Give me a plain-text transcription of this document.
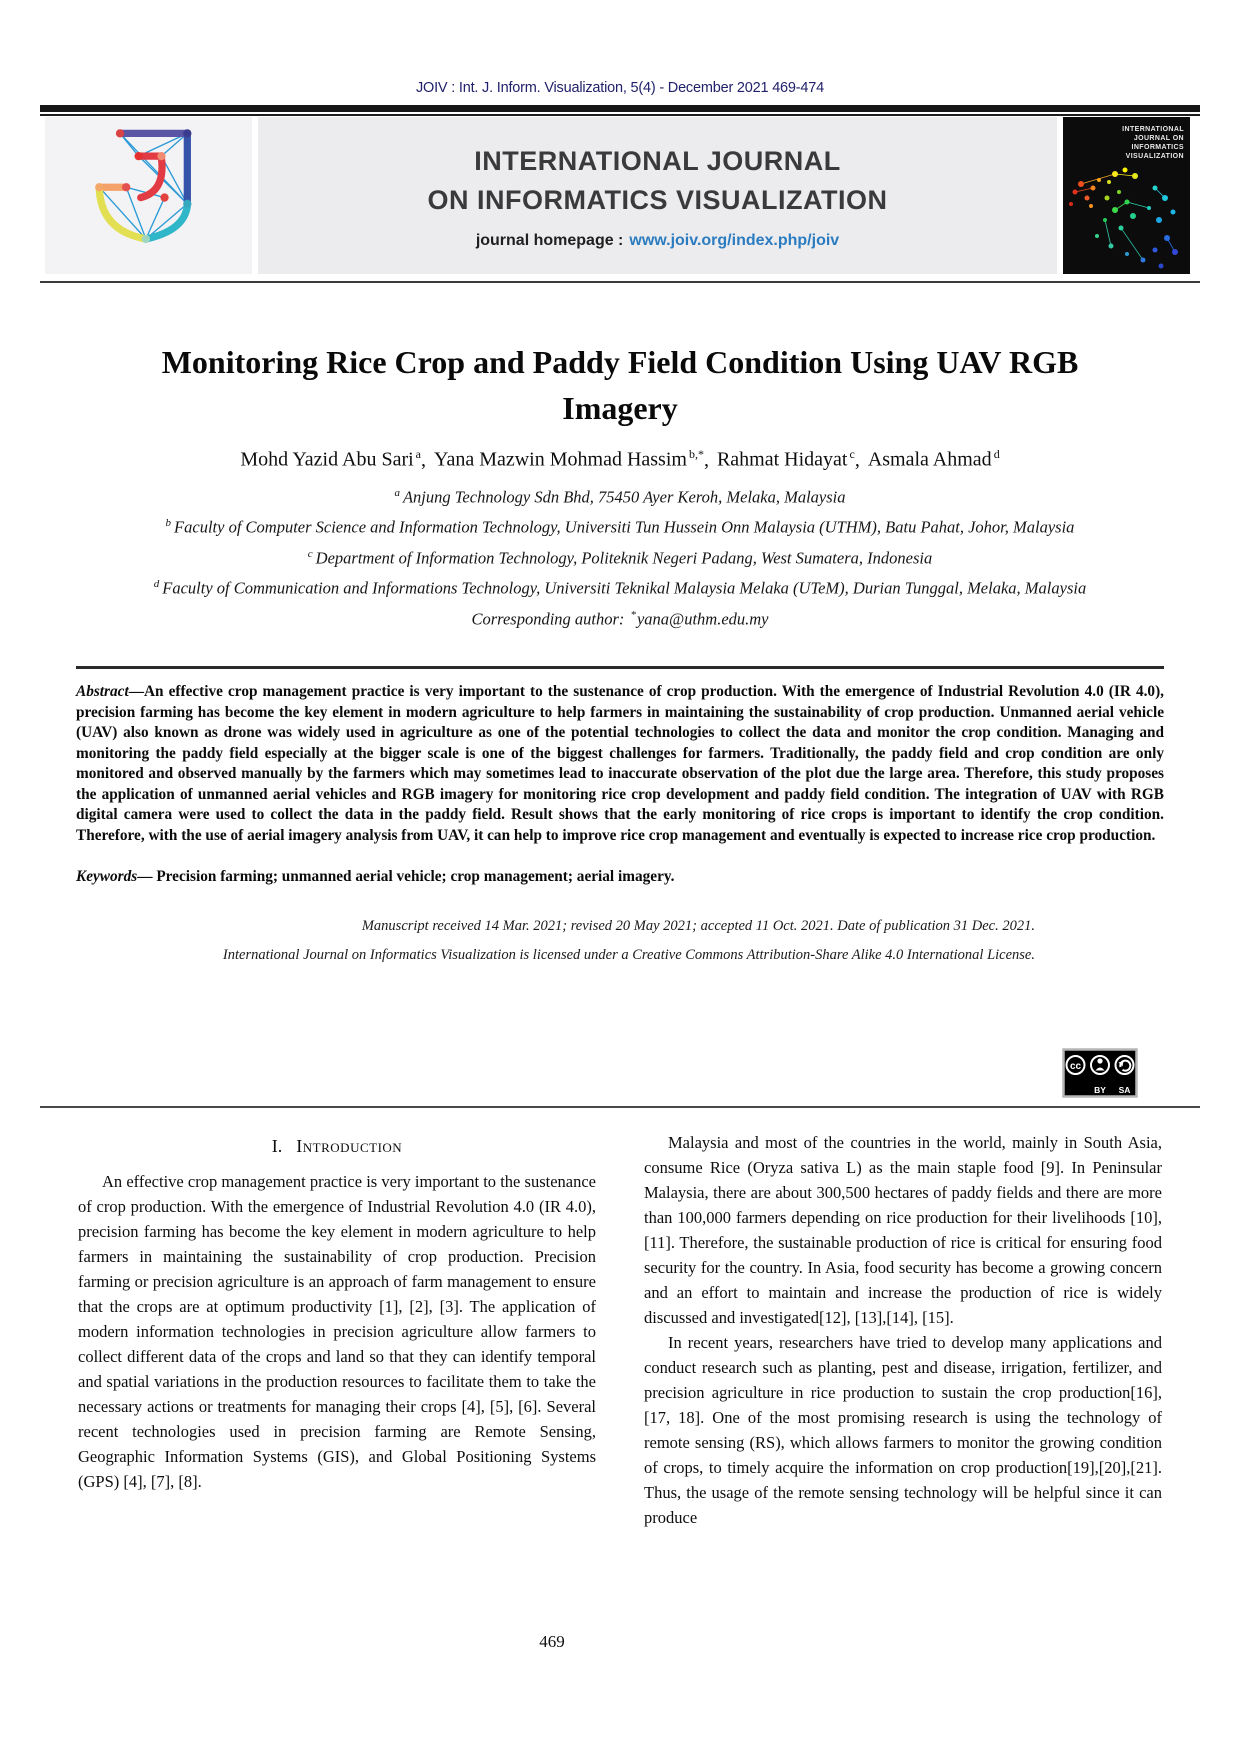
JOIV : Int. J. Inform. Visualization, 5(4) - December 2021 469-474
INTERNATIONAL JOURNAL
ON INFORMATICS VISUALIZATION
journal homepage : www.joiv.org/index.php/joiv
INTERNATIONAL
JOURNAL ON
INFORMATICS
VISUALIZATION
Monitoring Rice Crop and Paddy Field Condition Using UAV RGB Imagery
Mohd Yazid Abu Sari $^a$, Yana Mazwin Mohmad Hassim $^{b,*}$, Rahmat Hidayat $^c$, Asmala Ahmad $^d$
$^a$ Anjung Technology Sdn Bhd, 75450 Ayer Keroh, Melaka, Malaysia
$^b$ Faculty of Computer Science and Information Technology, Universiti Tun Hussein Onn Malaysia (UTHM), Batu Pahat, Johor, Malaysia
$^c$ Department of Information Technology, Politeknik Negeri Padang, West Sumatera, Indonesia
$^d$ Faculty of Communication and Informations Technology, Universiti Teknikal Malaysia Melaka (UTeM), Durian Tunggal, Melaka, Malaysia
Corresponding author: *yana@uthm.edu.my

Abstract—An effective crop management practice is very important to the sustenance of crop production. With the emergence of Industrial Revolution 4.0 (IR 4.0), precision farming has become the key element in modern agriculture to help farmers in maintaining the sustainability of crop production. Unmanned aerial vehicle (UAV) also known as drone was widely used in agriculture as one of the potential technologies to collect the data and monitor the crop condition. Managing and monitoring the paddy field especially at the bigger scale is one of the biggest challenges for farmers. Traditionally, the paddy field and crop condition are only monitored and observed manually by the farmers which may sometimes lead to inaccurate observation of the plot due the large area. Therefore, this study proposes the application of unmanned aerial vehicles and RGB imagery for monitoring rice crop development and paddy field condition. The integration of UAV with RGB digital camera were used to collect the data in the paddy field. Result shows that the early monitoring of rice crops is important to identify the crop condition. Therefore, with the use of aerial imagery analysis from UAV, it can help to improve rice crop management and eventually is expected to increase rice crop production.

Keywords— Precision farming; unmanned aerial vehicle; crop management; aerial imagery.

Manuscript received 14 Mar. 2021; revised 20 May 2021; accepted 11 Oct. 2021. Date of publication 31 Dec. 2021.
International Journal on Informatics Visualization is licensed under a Creative Commons Attribution-Share Alike 4.0 International License.
cc
BY SA
I. Introduction

An effective crop management practice is very important to the sustenance of crop production. With the emergence of Industrial Revolution 4.0 (IR 4.0), precision farming has become the key element in modern agriculture to help farmers in maintaining the sustainability of crop production. Precision farming or precision agriculture is an approach of farm management to ensure that the crops are at optimum productivity [1], [2], [3]. The application of modern information technologies in precision agriculture allow farmers to collect different data of the crops and land so that they can identify temporal and spatial variations in the production resources to facilitate them to take the necessary actions or treatments for managing their crops [4], [5], [6]. Several recent technologies used in precision farming are Remote Sensing, Geographic Information Systems (GIS), and Global Positioning Systems (GPS) [4], [7], [8].

Malaysia and most of the countries in the world, mainly in South Asia, consume Rice (Oryza sativa L) as the main staple food [9]. In Peninsular Malaysia, there are about 300,500 hectares of paddy fields and there are more than 100,000 farmers depending on rice production for their livelihoods [10], [11]. Therefore, the sustainable production of rice is critical for ensuring food security for the country. In Asia, food security has become a growing concern and an effort to maintain and increase the production of rice is widely discussed and investigated[12], [13],[14], [15].

In recent years, researchers have tried to develop many applications and conduct research such as planting, pest and disease, irrigation, fertilizer, and precision agriculture in rice production to sustain the crop production[16], [17, 18]. One of the most promising research is using the technology of remote sensing (RS), which allows farmers to monitor the growing condition of crops, to timely acquire the information on crop production[19],[20],[21]. Thus, the usage of the remote sensing technology will be helpful since it can produce

469
